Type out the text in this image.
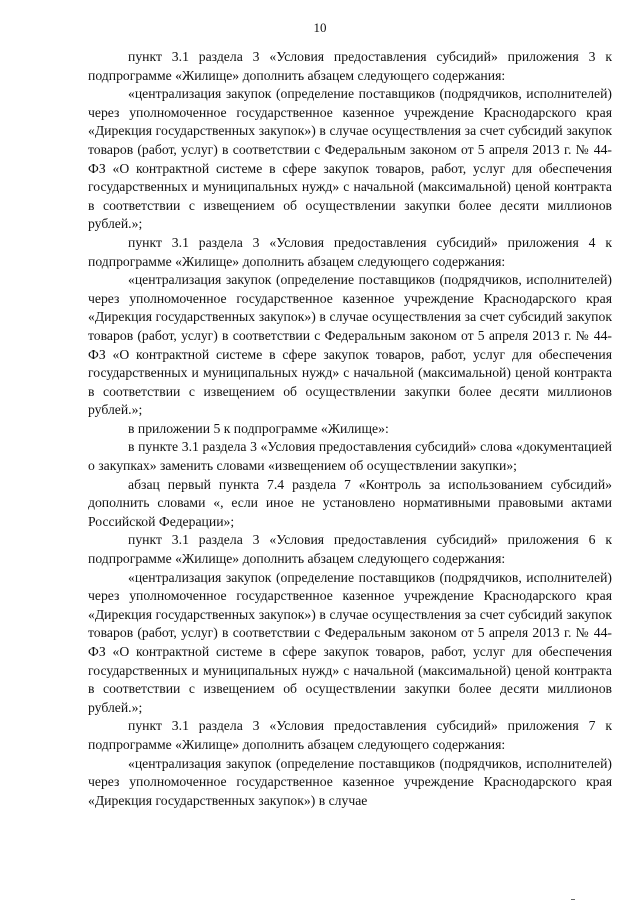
10

пункт 3.1 раздела 3 «Условия предоставления субсидий» приложения 3 к подпрограмме «Жилище» дополнить абзацем следующего содержания:

«централизация закупок (определение поставщиков (подрядчиков, исполнителей) через уполномоченное государственное казенное учреждение Краснодарского края «Дирекция государственных закупок») в случае осуществления за счет субсидий закупок товаров (работ, услуг) в соответствии с Федеральным законом от 5 апреля 2013 г. № 44-ФЗ «О контрактной системе в сфере закупок товаров, работ, услуг для обеспечения государственных и муниципальных нужд» с начальной (максимальной) ценой контракта в соответствии с извещением об осуществлении закупки более десяти миллионов рублей.»;

пункт 3.1 раздела 3 «Условия предоставления субсидий» приложения 4 к подпрограмме «Жилище» дополнить абзацем следующего содержания:

«централизация закупок (определение поставщиков (подрядчиков, исполнителей) через уполномоченное государственное казенное учреждение Краснодарского края «Дирекция государственных закупок») в случае осуществления за счет субсидий закупок товаров (работ, услуг) в соответствии с Федеральным законом от 5 апреля 2013 г. № 44-ФЗ «О контрактной системе в сфере закупок товаров, работ, услуг для обеспечения государственных и муниципальных нужд» с начальной (максимальной) ценой контракта в соответствии с извещением об осуществлении закупки более десяти миллионов рублей.»;

в приложении 5 к подпрограмме «Жилище»:

в пункте 3.1 раздела 3 «Условия предоставления субсидий» слова «документацией о закупках» заменить словами «извещением об осуществлении закупки»;

абзац первый пункта 7.4 раздела 7 «Контроль за использованием субсидий» дополнить словами «, если иное не установлено нормативными правовыми актами Российской Федерации»;

пункт 3.1 раздела 3 «Условия предоставления субсидий» приложения 6 к подпрограмме «Жилище» дополнить абзацем следующего содержания:

«централизация закупок (определение поставщиков (подрядчиков, исполнителей) через уполномоченное государственное казенное учреждение Краснодарского края «Дирекция государственных закупок») в случае осуществления за счет субсидий закупок товаров (работ, услуг) в соответствии с Федеральным законом от 5 апреля 2013 г. № 44-ФЗ «О контрактной системе в сфере закупок товаров, работ, услуг для обеспечения государственных и муниципальных нужд» с начальной (максимальной) ценой контракта в соответствии с извещением об осуществлении закупки более десяти миллионов рублей.»;

пункт 3.1 раздела 3 «Условия предоставления субсидий» приложения 7 к подпрограмме «Жилище» дополнить абзацем следующего содержания:

«централизация закупок (определение поставщиков (подрядчиков, исполнителей) через уполномоченное государственное казенное учреждение Краснодарского края «Дирекция государственных закупок») в случае
